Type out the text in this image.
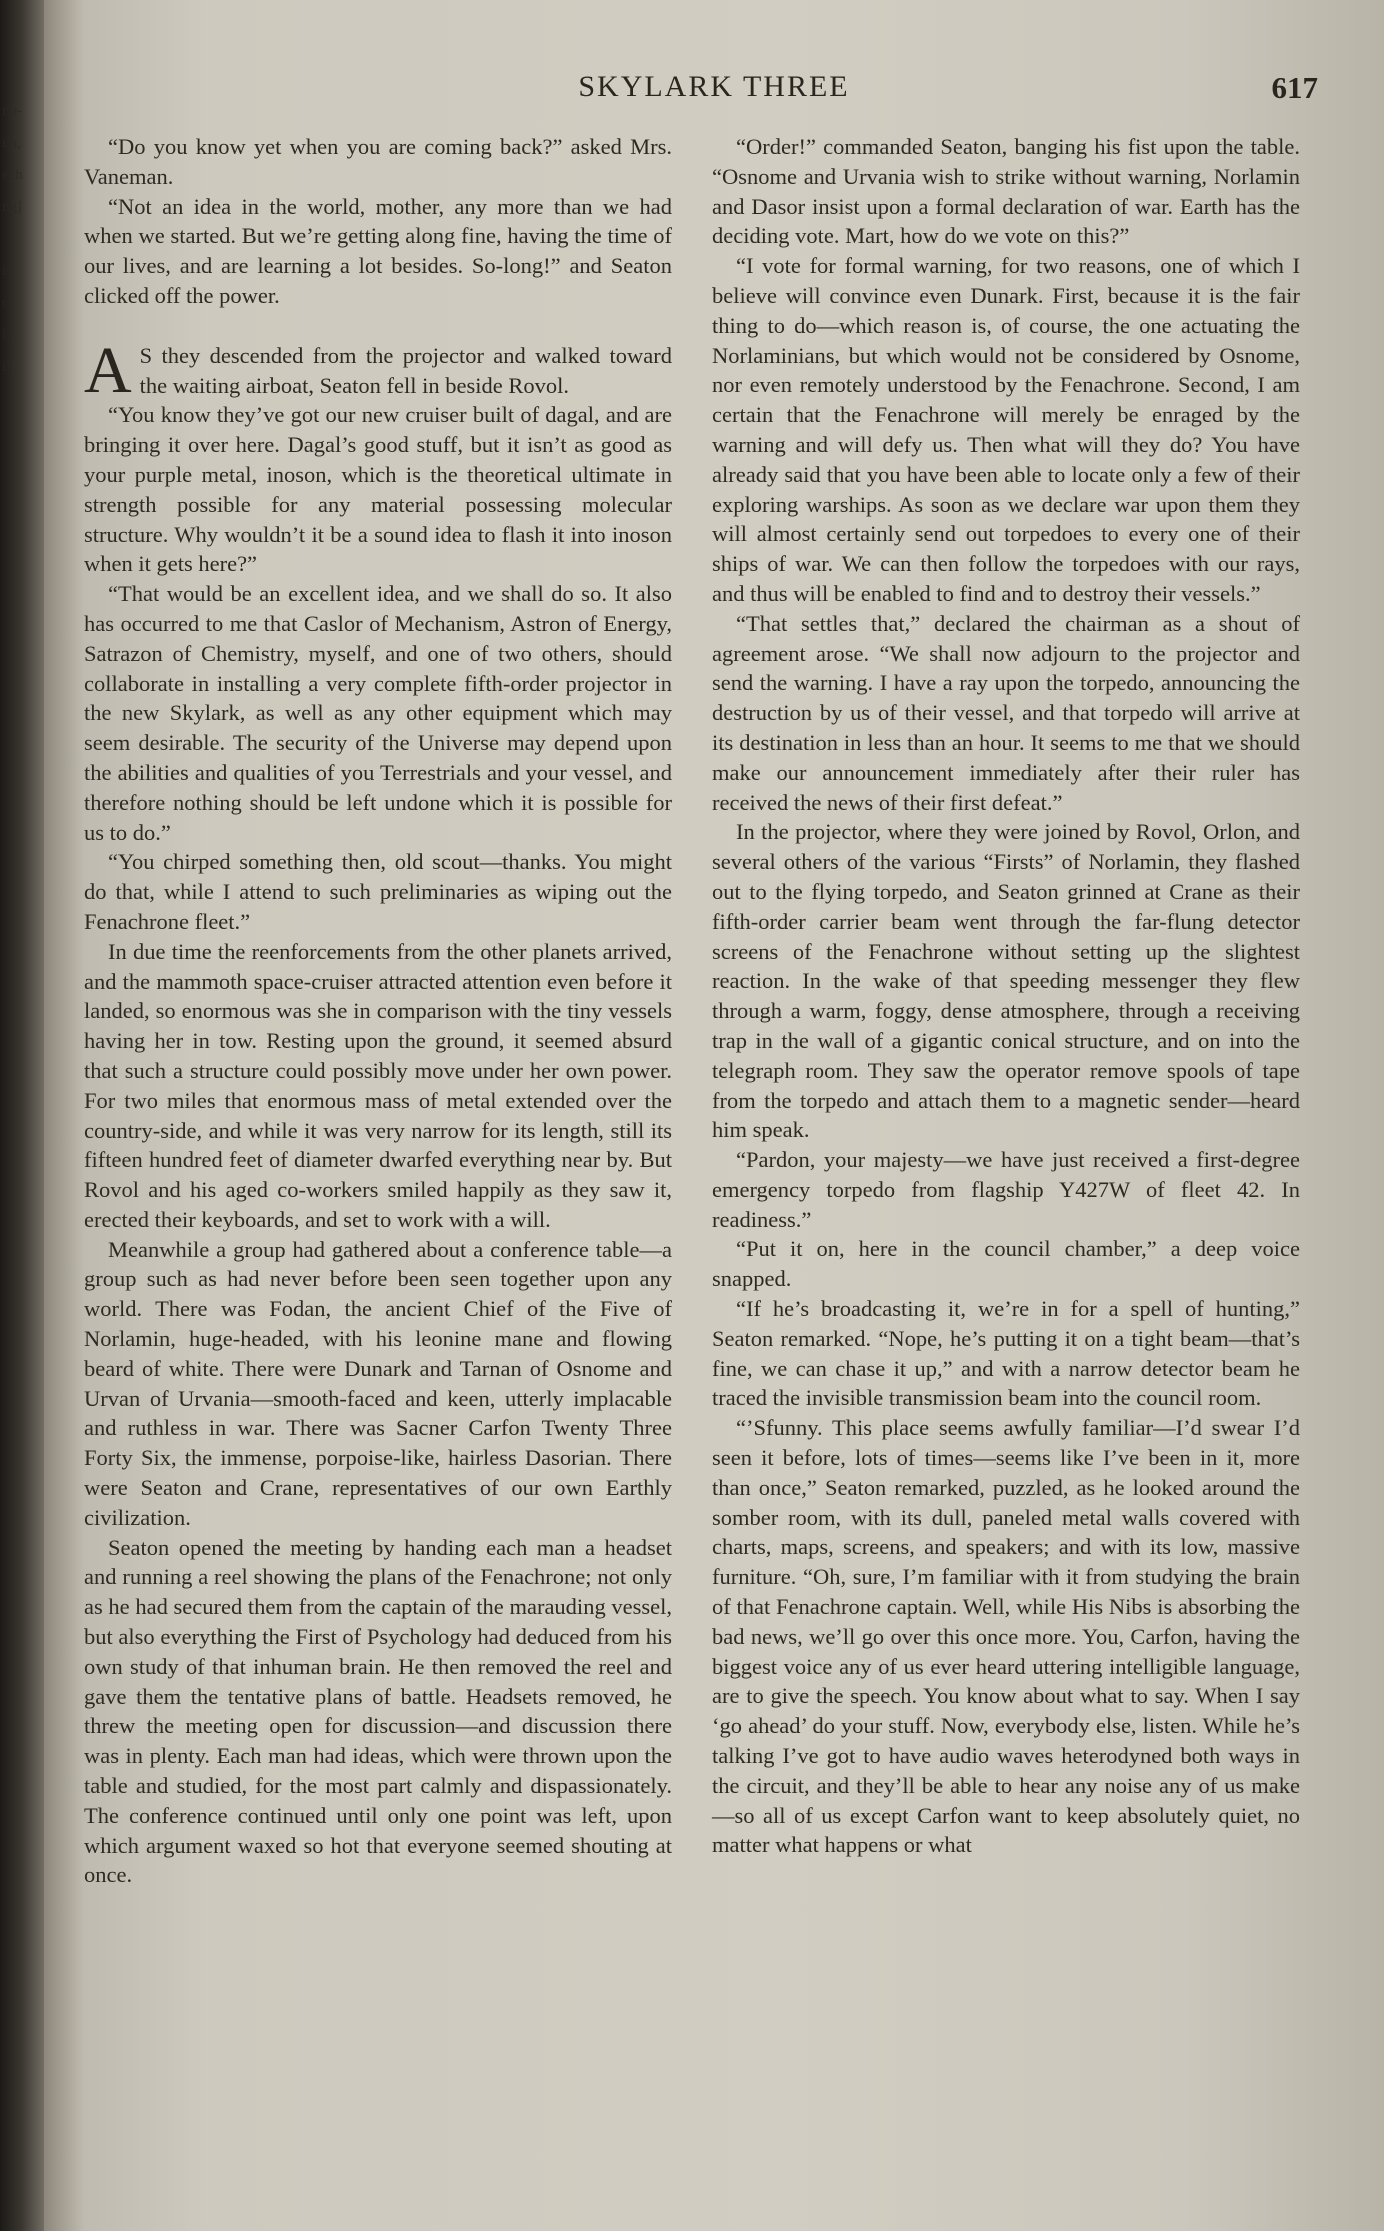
no-
un,
ech
ng]

in
of
l,
il
SKYLARK THREE	617

“Do you know yet when you are coming back?” asked Mrs. Vaneman.

“Not an idea in the world, mother, any more than we had when we started. But we’re getting along fine, having the time of our lives, and are learning a lot besides. So-long!” and Seaton clicked off the power.

A S they descended from the projector and walked toward the waiting airboat, Seaton fell in beside Rovol.

“You know they’ve got our new cruiser built of dagal, and are bringing it over here. Dagal’s good stuff, but it isn’t as good as your purple metal, inoson, which is the theoretical ultimate in strength possible for any material possessing molecular structure. Why wouldn’t it be a sound idea to flash it into inoson when it gets here?”

“That would be an excellent idea, and we shall do so. It also has occurred to me that Caslor of Mechanism, Astron of Energy, Satrazon of Chemistry, myself, and one of two others, should collaborate in installing a very complete fifth-order projector in the new Skylark, as well as any other equipment which may seem desirable. The security of the Universe may depend upon the abilities and qualities of you Terrestrials and your vessel, and therefore nothing should be left undone which it is possible for us to do.”

“You chirped something then, old scout—thanks. You might do that, while I attend to such preliminaries as wiping out the Fenachrone fleet.”

In due time the reenforcements from the other planets arrived, and the mammoth space-cruiser attracted attention even before it landed, so enormous was she in comparison with the tiny vessels having her in tow. Resting upon the ground, it seemed absurd that such a structure could possibly move under her own power. For two miles that enormous mass of metal extended over the country-side, and while it was very narrow for its length, still its fifteen hundred feet of diameter dwarfed everything near by. But Rovol and his aged co-workers smiled happily as they saw it, erected their keyboards, and set to work with a will.

Meanwhile a group had gathered about a conference table—a group such as had never before been seen together upon any world. There was Fodan, the ancient Chief of the Five of Norlamin, huge-headed, with his leonine mane and flowing beard of white. There were Dunark and Tarnan of Osnome and Urvan of Urvania—smooth-faced and keen, utterly implacable and ruthless in war. There was Sacner Carfon Twenty Three Forty Six, the immense, porpoise-like, hairless Dasorian. There were Seaton and Crane, representatives of our own Earthly civilization.

Seaton opened the meeting by handing each man a headset and running a reel showing the plans of the Fenachrone; not only as he had secured them from the captain of the marauding vessel, but also everything the First of Psychology had deduced from his own study of that inhuman brain. He then removed the reel and gave them the tentative plans of battle. Headsets removed, he threw the meeting open for discussion—and discussion there was in plenty. Each man had ideas, which were thrown upon the table and studied, for the most part calmly and dispassionately. The conference continued until only one point was left, upon which argument waxed so hot that everyone seemed shouting at once.

“Order!” commanded Seaton, banging his fist upon the table. “Osnome and Urvania wish to strike without warning, Norlamin and Dasor insist upon a formal declaration of war. Earth has the deciding vote. Mart, how do we vote on this?”

“I vote for formal warning, for two reasons, one of which I believe will convince even Dunark. First, because it is the fair thing to do—which reason is, of course, the one actuating the Norlaminians, but which would not be considered by Osnome, nor even remotely understood by the Fenachrone. Second, I am certain that the Fenachrone will merely be enraged by the warning and will defy us. Then what will they do? You have already said that you have been able to locate only a few of their exploring warships. As soon as we declare war upon them they will almost certainly send out torpedoes to every one of their ships of war. We can then follow the torpedoes with our rays, and thus will be enabled to find and to destroy their vessels.”

“That settles that,” declared the chairman as a shout of agreement arose. “We shall now adjourn to the projector and send the warning. I have a ray upon the torpedo, announcing the destruction by us of their vessel, and that torpedo will arrive at its destination in less than an hour. It seems to me that we should make our announcement immediately after their ruler has received the news of their first defeat.”

In the projector, where they were joined by Rovol, Orlon, and several others of the various “Firsts” of Norlamin, they flashed out to the flying torpedo, and Seaton grinned at Crane as their fifth-order carrier beam went through the far-flung detector screens of the Fenachrone without setting up the slightest reaction. In the wake of that speeding messenger they flew through a warm, foggy, dense atmosphere, through a receiving trap in the wall of a gigantic conical structure, and on into the telegraph room. They saw the operator remove spools of tape from the torpedo and attach them to a magnetic sender—heard him speak.

“Pardon, your majesty—we have just received a first-degree emergency torpedo from flagship Y427W of fleet 42. In readiness.”

“Put it on, here in the council chamber,” a deep voice snapped.

“If he’s broadcasting it, we’re in for a spell of hunting,” Seaton remarked. “Nope, he’s putting it on a tight beam—that’s fine, we can chase it up,” and with a narrow detector beam he traced the invisible transmission beam into the council room.

“’Sfunny. This place seems awfully familiar—I’d swear I’d seen it before, lots of times—seems like I’ve been in it, more than once,” Seaton remarked, puzzled, as he looked around the somber room, with its dull, paneled metal walls covered with charts, maps, screens, and speakers; and with its low, massive furniture. “Oh, sure, I’m familiar with it from studying the brain of that Fenachrone captain. Well, while His Nibs is absorbing the bad news, we’ll go over this once more. You, Carfon, having the biggest voice any of us ever heard uttering intelligible language, are to give the speech. You know about what to say. When I say ‘go ahead’ do your stuff. Now, everybody else, listen. While he’s talking I’ve got to have audio waves heterodyned both ways in the circuit, and they’ll be able to hear any noise any of us make—so all of us except Carfon want to keep absolutely quiet, no matter what happens or what
